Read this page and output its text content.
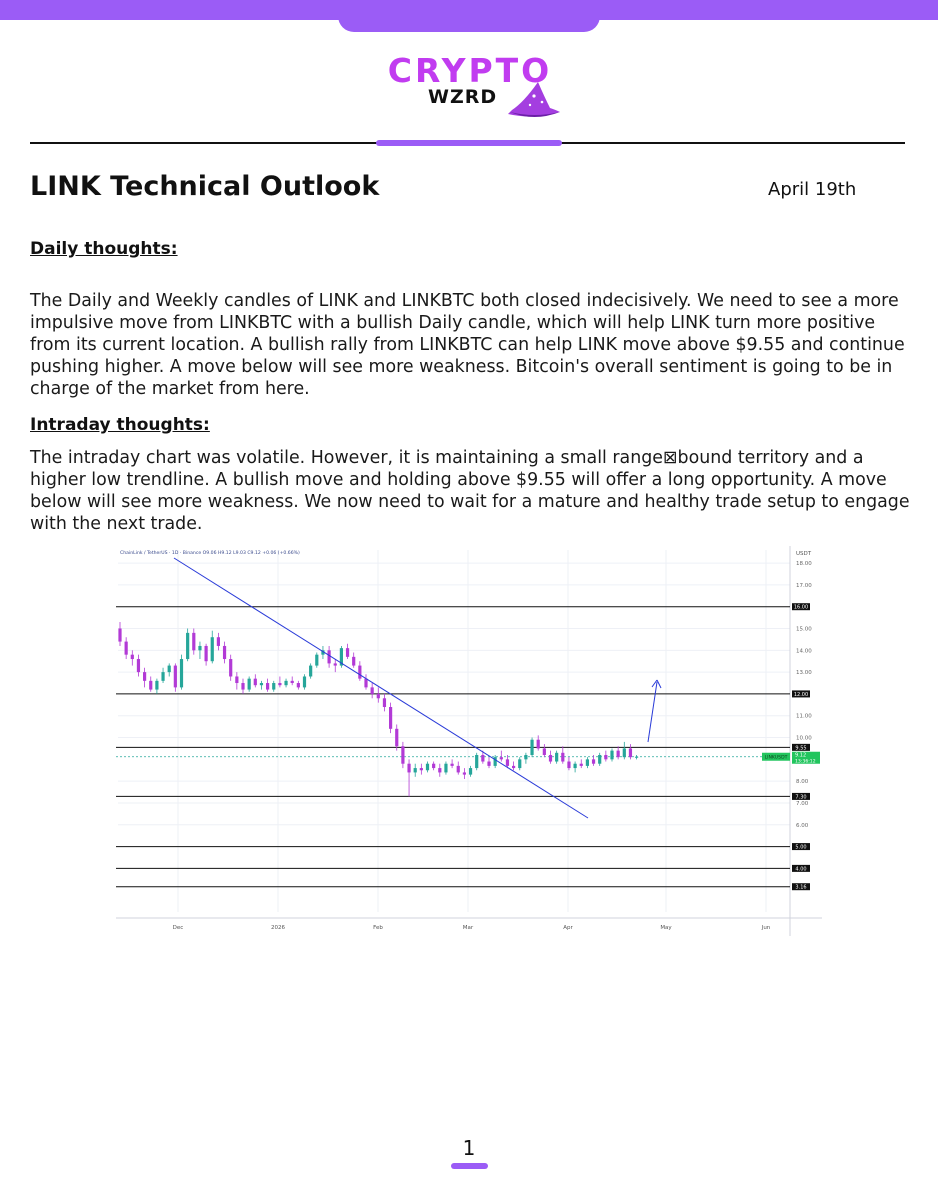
CRYPTO
WZRD
LINK Technical Outlook	April 19th
Daily thoughts:

The Daily and Weekly candles of LINK and LINKBTC both closed indecisively. We need to see a more impulsive move from LINKBTC with a bullish Daily candle, which will help LINK turn more positive from its current location. A bullish rally from LINKBTC can help LINK move above $9.55 and continue pushing higher. A move below will see more weakness. Bitcoin's overall sentiment is going to be in charge of the market from here.

Intraday thoughts:

The intraday chart was volatile. However, it is maintaining a small range⊠bound territory and a higher low trendline. A bullish move and holding above $9.55 will offer a long opportunity. A move below will see more weakness. We now need to wait for a mature and healthy trade setup to engage with the next trade.

Dec	2026	Feb	Mar	Apr	May	Jun
18.00
17.00
15.00
14.00
13.00
11.00
10.00
8.00
7.00
6.00
USDT
16.00
12.00
9.55
7.30
5.00
4.00
3.16
LINKUSDT 9.12
13:36:12
ChainLink / TetherUS · 1D · Binance O9.06 H9.12 L9.03 C9.12 +0.06 (+0.66%)
1
